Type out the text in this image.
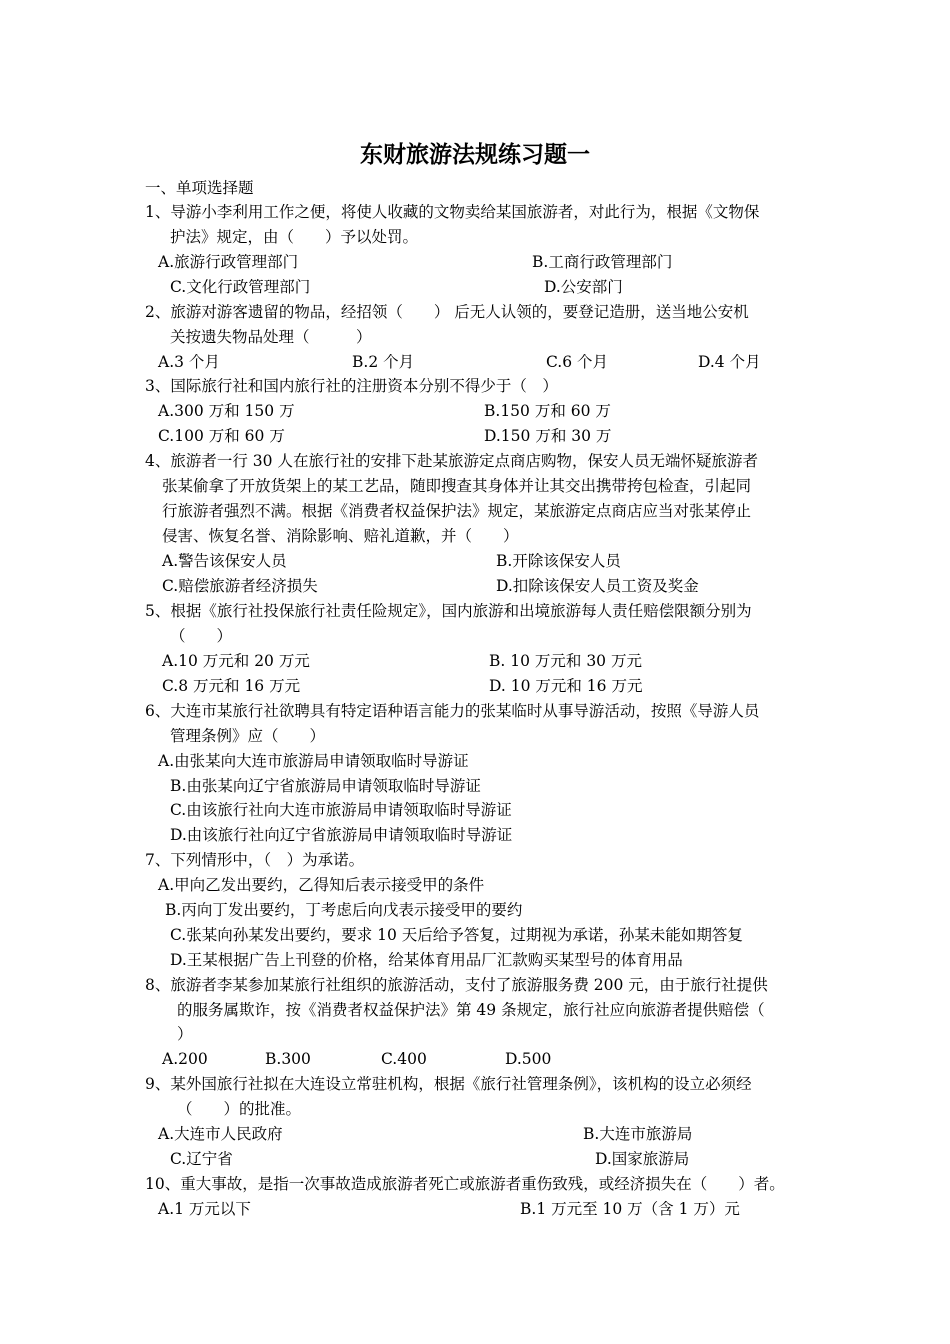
东财旅游法规练习题一
一、单项选择题
1、导游小李利用工作之便，将使人收藏的文物卖给某国旅游者，对此行为，根据《文物保
护法》规定，由（　　）予以处罚。
A.旅游行政管理部门	B.工商行政管理部门
C.文化行政管理部门	D.公安部门
2、旅游对游客遗留的物品，经招领（　　） 后无人认领的，要登记造册，送当地公安机
关按遗失物品处理（　　　）
A.3 个月	B.2 个月	C.6 个月	D.4 个月
3、国际旅行社和国内旅行社的注册资本分别不得少于（　）
A.300 万和 150 万	B.150 万和 60 万
C.100 万和 60 万	D.150 万和 30 万
4、旅游者一行 30 人在旅行社的安排下赴某旅游定点商店购物，保安人员无端怀疑旅游者
张某偷拿了开放货架上的某工艺品，随即搜查其身体并让其交出携带挎包检查，引起同
行旅游者强烈不满。根据《消费者权益保护法》规定，某旅游定点商店应当对张某停止
侵害、恢复名誉、消除影响、赔礼道歉，并（　　）
A.警告该保安人员	B.开除该保安人员
C.赔偿旅游者经济损失	D.扣除该保安人员工资及奖金
5、根据《旅行社投保旅行社责任险规定》，国内旅游和出境旅游每人责任赔偿限额分别为
（　　）
A.10 万元和 20 万元	B. 10 万元和 30 万元
C.8 万元和 16 万元	D. 10 万元和 16 万元
6、大连市某旅行社欲聘具有特定语种语言能力的张某临时从事导游活动，按照《导游人员
管理条例》应（　　）
A.由张某向大连市旅游局申请领取临时导游证
B.由张某向辽宁省旅游局申请领取临时导游证
C.由该旅行社向大连市旅游局申请领取临时导游证
D.由该旅行社向辽宁省旅游局申请领取临时导游证
7、下列情形中，（　）为承诺。
A.甲向乙发出要约，乙得知后表示接受甲的条件
B.丙向丁发出要约，丁考虑后向戊表示接受甲的要约
C.张某向孙某发出要约，要求 10 天后给予答复，过期视为承诺，孙某未能如期答复
D.王某根据广告上刊登的价格，给某体育用品厂汇款购买某型号的体育用品
8、旅游者李某参加某旅行社组织的旅游活动，支付了旅游服务费 200 元，由于旅行社提供
的服务属欺诈，按《消费者权益保护法》第 49 条规定，旅行社应向旅游者提供赔偿（
）
A.200	B.300	C.400	D.500
9、某外国旅行社拟在大连设立常驻机构，根据《旅行社管理条例》，该机构的设立必须经
（　　）的批准。
A.大连市人民政府	B.大连市旅游局
C.辽宁省	D.国家旅游局
10、重大事故，是指一次事故造成旅游者死亡或旅游者重伤致残，或经济损失在（　　）者。
A.1 万元以下	B.1 万元至 10 万（含 1 万）元
